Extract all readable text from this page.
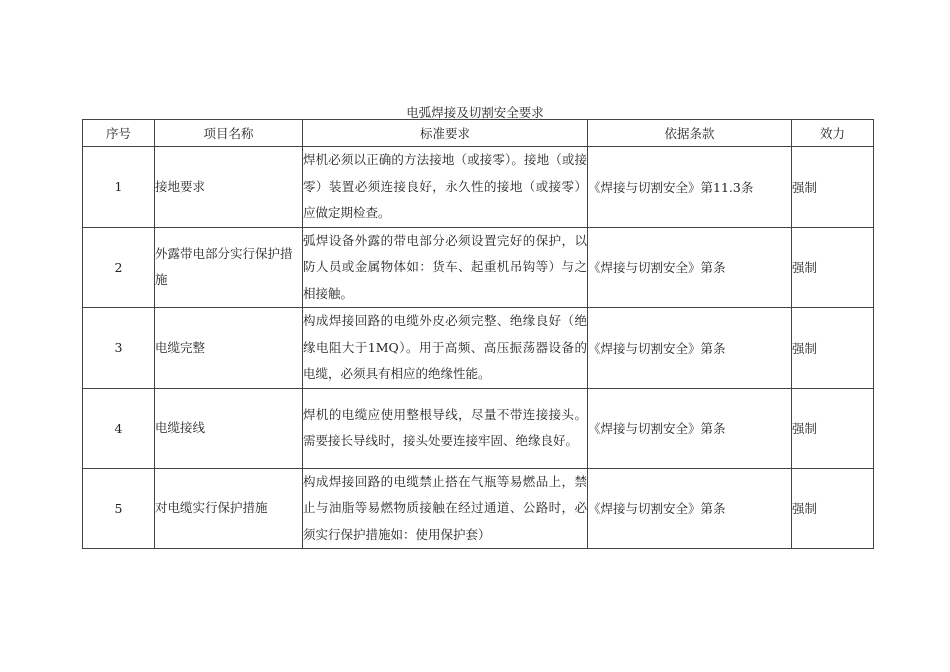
电弧焊接及切割安全要求
序号	项目名称	标准要求	依据条款	效力
1	接地要求	焊机必须以正确的方法接地（或接零）。接地（或接零）装置必须连接良好，永久性的接地（或接零）应做定期检查。	《焊接与切割安全》第11.3条	强制
2	外露带电部分实行保护措施	弧焊设备外露的带电部分必须设置完好的保护，以防人员或金属物体如：货车、起重机吊钩等）与之相接触。	《焊接与切割安全》第条	强制
3	电缆完整	构成焊接回路的电缆外皮必须完整、绝缘良好（绝缘电阻大于1MQ）。用于高频、高压振荡器设备的电缆，必须具有相应的绝缘性能。	《焊接与切割安全》第条	强制
4	电缆接线	焊机的电缆应使用整根导线，尽量不带连接接头。需要接长导线时，接头处要连接牢固、绝缘良好。	《焊接与切割安全》第条	强制
5	对电缆实行保护措施	构成焊接回路的电缆禁止搭在气瓶等易燃品上，禁止与油脂等易燃物质接触在经过通道、公路时，必须实行保护措施如：使用保护套）	《焊接与切割安全》第条	强制
